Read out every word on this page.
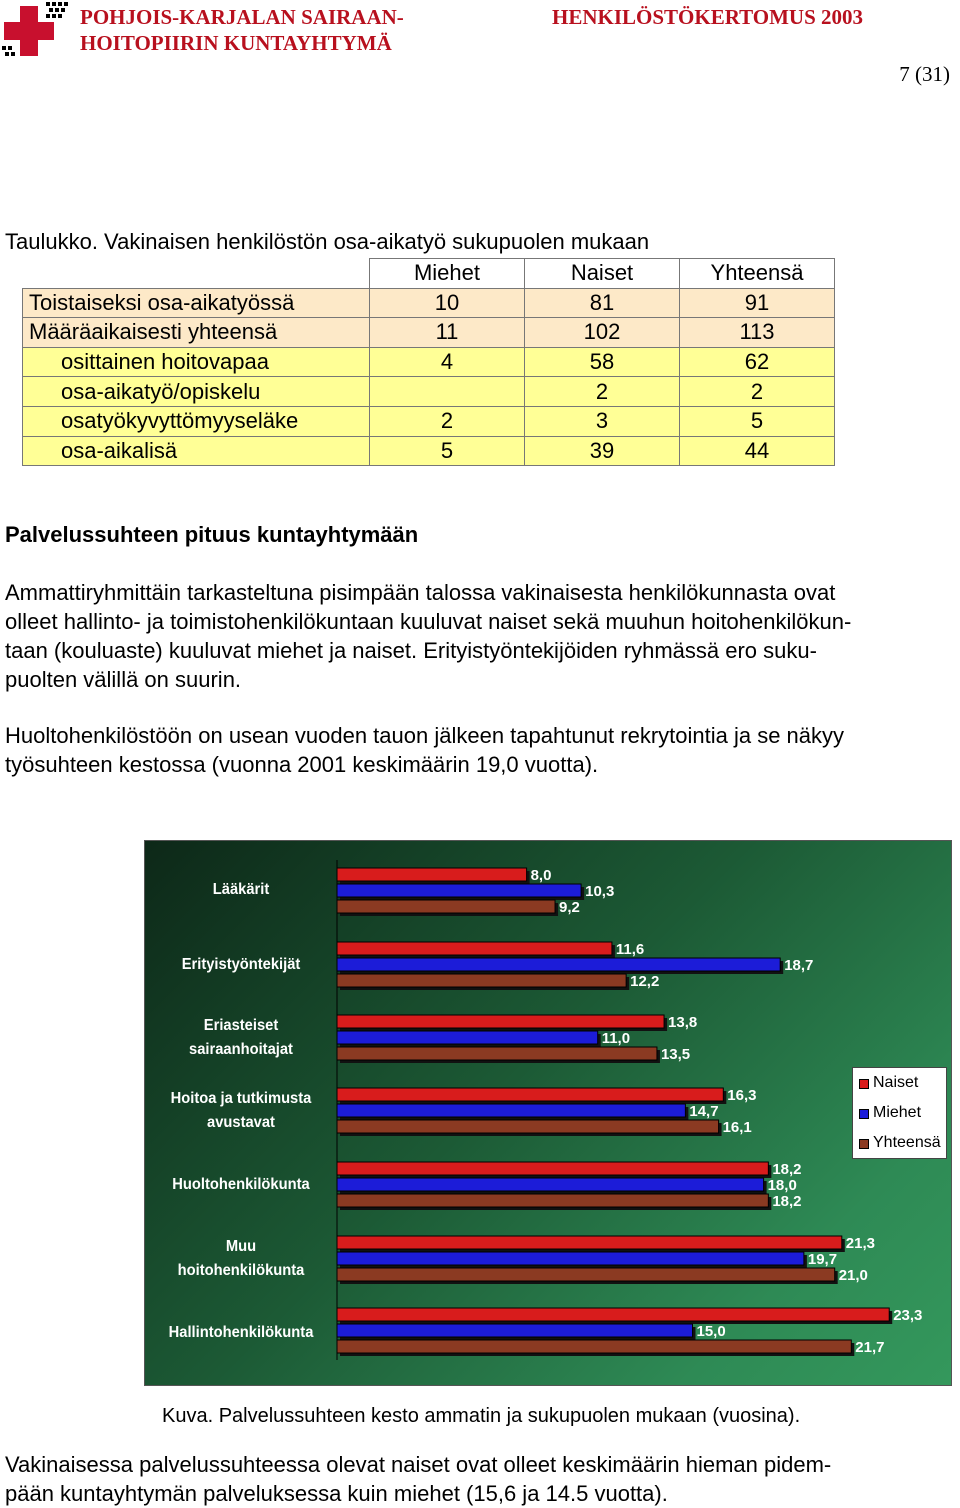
POHJOIS-KARJALAN SAIRAAN-
HOITOPIIRIN KUNTAYHTYMÄ
HENKILÖSTÖKERTOMUS 2003
7 (31)
Taulukko. Vakinaisen henkilöstön osa-aikatyö sukupuolen mukaan
	Miehet	Naiset	Yhteensä
Toistaiseksi osa-aikatyössä	10	81	91
Määräaikaisesti yhteensä	11	102	113
osittainen hoitovapaa	4	58	62
osa-aikatyö/opiskelu		2	2
osatyökyvyttömyyseläke	2	3	5
osa-aikalisä	5	39	44
Palvelussuhteen pituus kuntayhtymään
Ammattiryhmittäin tarkasteltuna pisimpään talossa vakinaisesta henkilökunnasta ovat
olleet hallinto- ja toimistohenkilökuntaan kuuluvat naiset sekä muuhun hoitohenkilökun-
taan (kouluaste) kuuluvat miehet ja naiset. Erityistyöntekijöiden ryhmässä ero suku-
puolten välillä on suurin.
Huoltohenkilöstöön on usean vuoden tauon jälkeen tapahtunut rekrytointia ja se näkyy
työsuhteen kestossa (vuonna 2001 keskimäärin 19,0 vuotta).
8,0
10,3
9,2
11,6
18,7
12,2
13,8
11,0
13,5
16,3
14,7
16,1
18,2
18,0
18,2
21,3
19,7
21,0
23,3
15,0
21,7
Lääkärit
Erityistyöntekijät
Eriasteiset
sairaanhoitajat
Hoitoa ja tutkimusta
avustavat
Huoltohenkilökunta
Muu
hoitohenkilökunta
Hallintohenkilökunta
Naiset
Miehet
Yhteensä
Kuva. Palvelussuhteen kesto ammatin ja sukupuolen mukaan (vuosina).
Vakinaisessa palvelussuhteessa olevat naiset ovat olleet keskimäärin hieman pidem-
pään kuntayhtymän palveluksessa kuin miehet (15,6 ja 14.5 vuotta).
